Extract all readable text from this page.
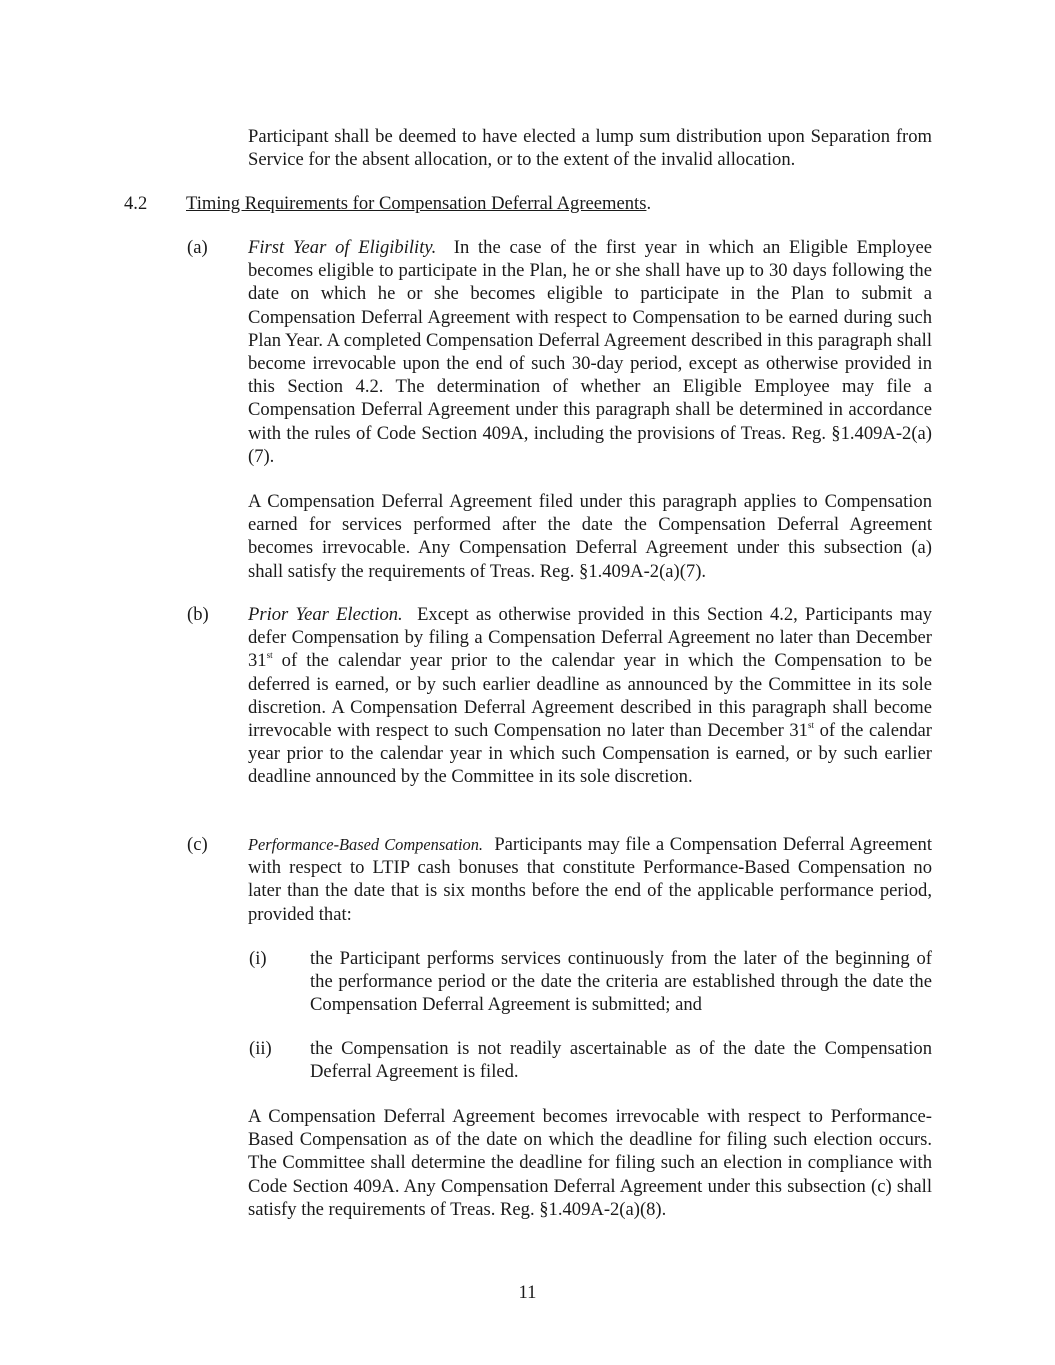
Participant shall be deemed to have elected a lump sum distribution upon Separation from Service for the absent allocation, or to the extent of the invalid allocation.
4.2 Timing Requirements for Compensation Deferral Agreements.
(a) First Year of Eligibility. In the case of the first year in which an Eligible Employee becomes eligible to participate in the Plan, he or she shall have up to 30 days following the date on which he or she becomes eligible to participate in the Plan to submit a Compensation Deferral Agreement with respect to Compensation to be earned during such Plan Year. A completed Compensation Deferral Agreement described in this paragraph shall become irrevocable upon the end of such 30-day period, except as otherwise provided in this Section 4.2. The determination of whether an Eligible Employee may file a Compensation Deferral Agreement under this paragraph shall be determined in accordance with the rules of Code Section 409A, including the provisions of Treas. Reg. §1.409A-2(a)(7).
A Compensation Deferral Agreement filed under this paragraph applies to Compensation earned for services performed after the date the Compensation Deferral Agreement becomes irrevocable. Any Compensation Deferral Agreement under this subsection (a) shall satisfy the requirements of Treas. Reg. §1.409A-2(a)(7).
(b) Prior Year Election. Except as otherwise provided in this Section 4.2, Participants may defer Compensation by filing a Compensation Deferral Agreement no later than December 31st of the calendar year prior to the calendar year in which the Compensation to be deferred is earned, or by such earlier deadline as announced by the Committee in its sole discretion. A Compensation Deferral Agreement described in this paragraph shall become irrevocable with respect to such Compensation no later than December 31st of the calendar year prior to the calendar year in which such Compensation is earned, or by such earlier deadline announced by the Committee in its sole discretion.
(c) Performance-Based Compensation. Participants may file a Compensation Deferral Agreement with respect to LTIP cash bonuses that constitute Performance-Based Compensation no later than the date that is six months before the end of the applicable performance period, provided that:
(i) the Participant performs services continuously from the later of the beginning of the performance period or the date the criteria are established through the date the Compensation Deferral Agreement is submitted; and
(ii) the Compensation is not readily ascertainable as of the date the Compensation Deferral Agreement is filed.
A Compensation Deferral Agreement becomes irrevocable with respect to Performance-Based Compensation as of the date on which the deadline for filing such election occurs. The Committee shall determine the deadline for filing such an election in compliance with Code Section 409A. Any Compensation Deferral Agreement under this subsection (c) shall satisfy the requirements of Treas. Reg. §1.409A-2(a)(8).
11
